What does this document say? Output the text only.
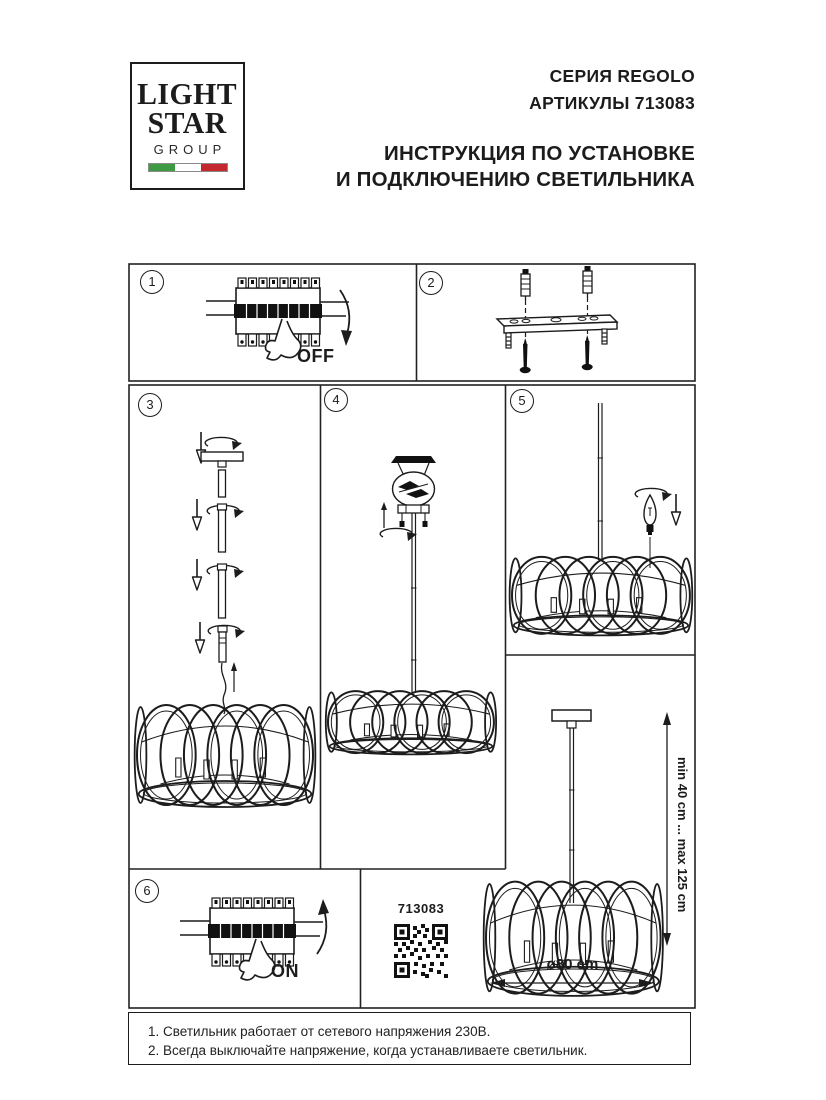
LIGHT
STAR
GROUP
СЕРИЯ REGOLO
АРТИКУЛЫ 713083
ИНСТРУКЦИЯ ПО УСТАНОВКЕ
И ПОДКЛЮЧЕНИЮ СВЕТИЛЬНИКА
1	2
3	4	5
6
OFF
ON
713083	min 40 cm ... max 125 cm
ø80 cm

1. Светильник работает от сетевого напряжения 230В.

2. Всегда выключайте напряжение, когда устанавливаете светильник.
